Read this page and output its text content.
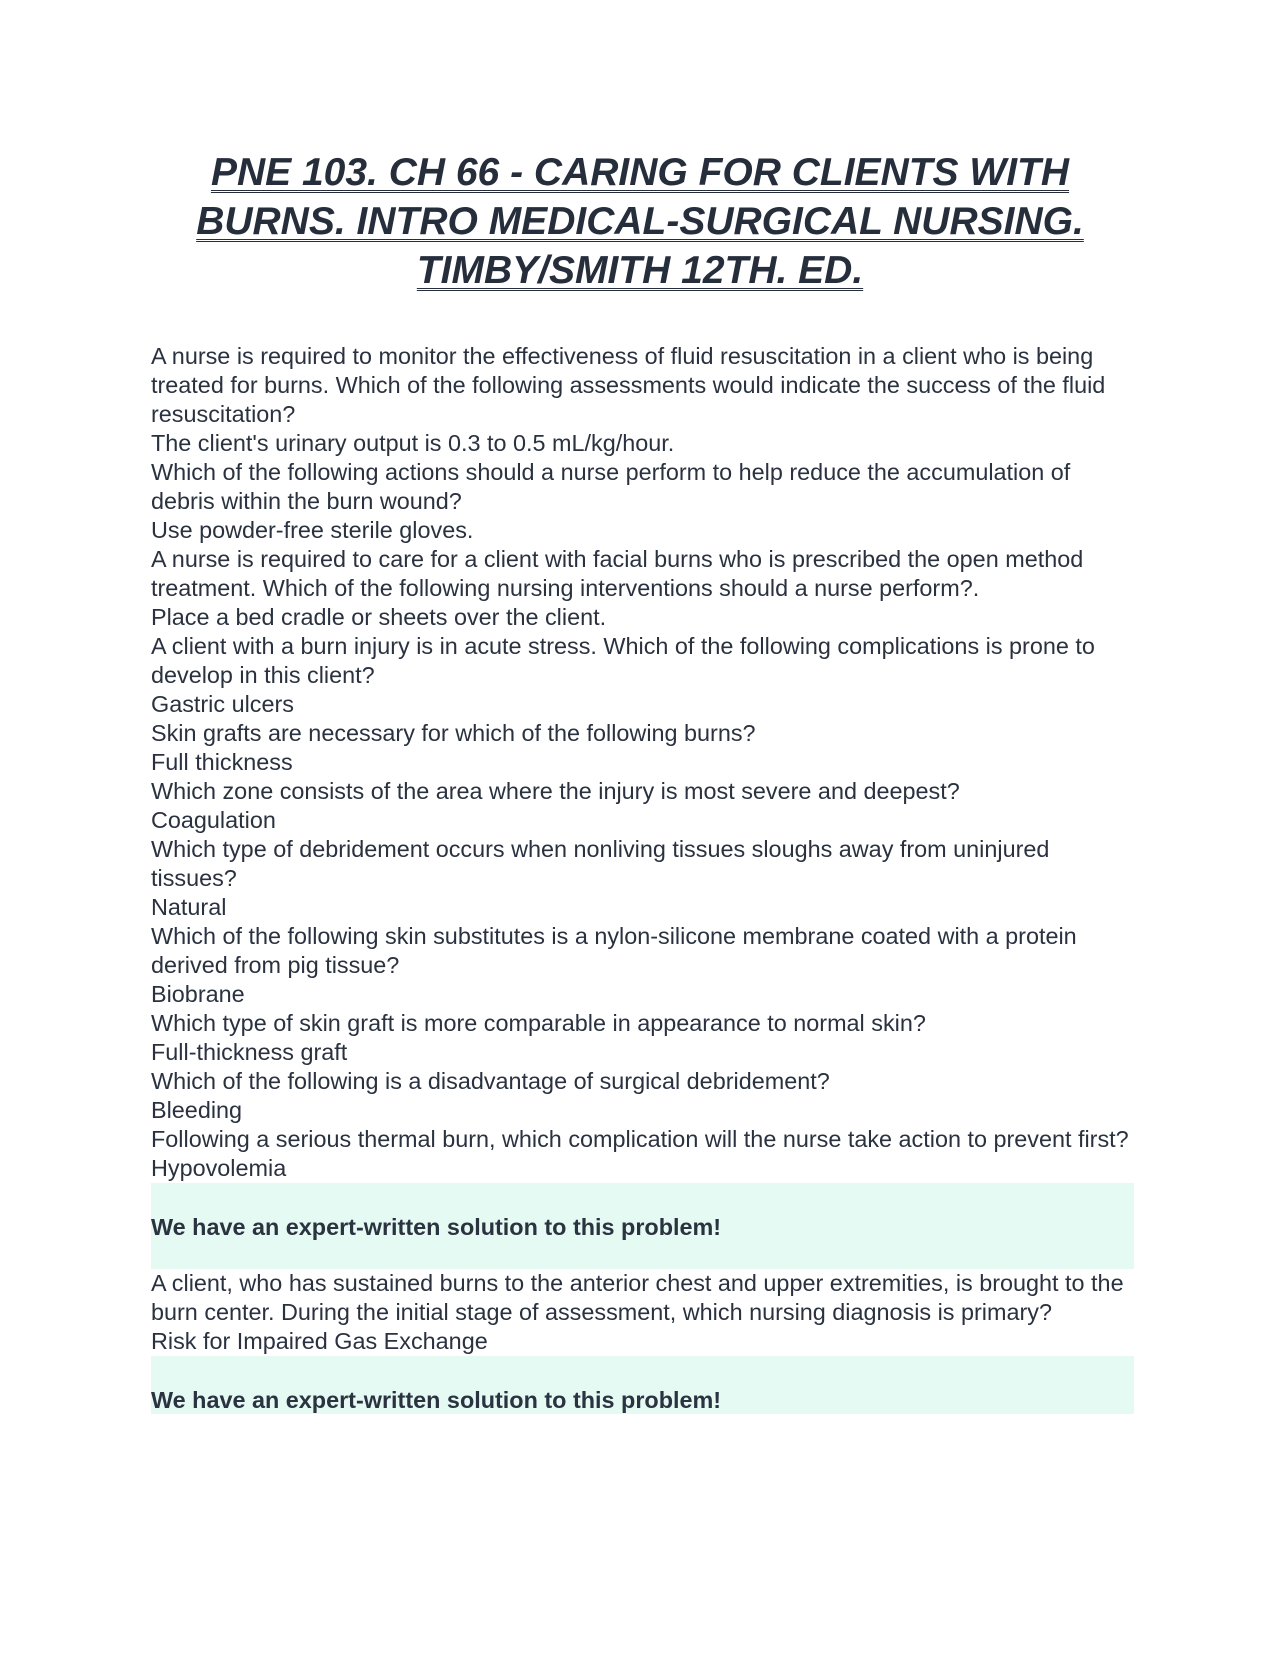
PNE 103. CH 66 - CARING FOR CLIENTS WITH BURNS. INTRO MEDICAL-SURGICAL NURSING. TIMBY/SMITH 12TH. ED.

A nurse is required to monitor the effectiveness of fluid resuscitation in a client who is being treated for burns. Which of the following assessments would indicate the success of the fluid resuscitation?

The client's urinary output is 0.3 to 0.5 mL/kg/hour.

Which of the following actions should a nurse perform to help reduce the accumulation of debris within the burn wound?

Use powder-free sterile gloves.

A nurse is required to care for a client with facial burns who is prescribed the open method treatment. Which of the following nursing interventions should a nurse perform?.

Place a bed cradle or sheets over the client.

A client with a burn injury is in acute stress. Which of the following complications is prone to develop in this client?

Gastric ulcers

Skin grafts are necessary for which of the following burns?

Full thickness

Which zone consists of the area where the injury is most severe and deepest?

Coagulation

Which type of debridement occurs when nonliving tissues sloughs away from uninjured tissues?

Natural

Which of the following skin substitutes is a nylon-silicone membrane coated with a protein derived from pig tissue?

Biobrane

Which type of skin graft is more comparable in appearance to normal skin?

Full-thickness graft

Which of the following is a disadvantage of surgical debridement?

Bleeding

Following a serious thermal burn, which complication will the nurse take action to prevent first?

Hypovolemia

We have an expert-written solution to this problem!

A client, who has sustained burns to the anterior chest and upper extremities, is brought to the burn center. During the initial stage of assessment, which nursing diagnosis is primary?

Risk for Impaired Gas Exchange

We have an expert-written solution to this problem!
